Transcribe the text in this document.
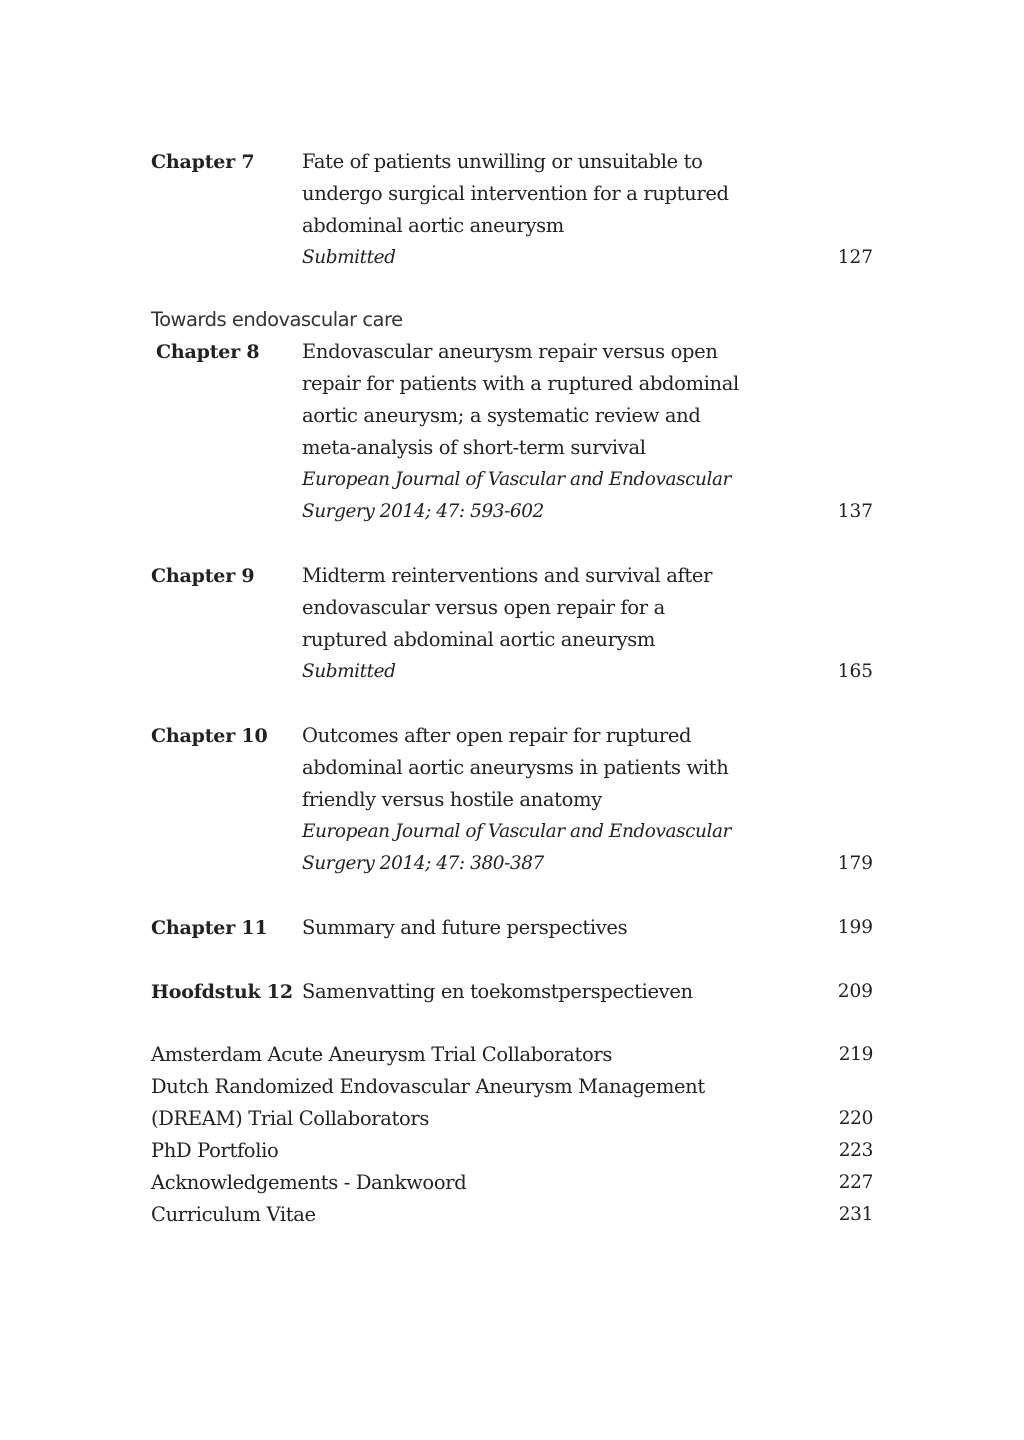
Chapter 7	Fate of patients unwilling or unsuitable to
undergo surgical intervention for a ruptured
abdominal aortic aneurysm
Submitted	127
Towards endovascular care
Chapter 8	Endovascular aneurysm repair versus open
repair for patients with a ruptured abdominal
aortic aneurysm; a systematic review and
meta-analysis of short-term survival
European Journal of Vascular and Endovascular
Surgery 2014; 47: 593-602	137
Chapter 9	Midterm reinterventions and survival after
endovascular versus open repair for a
ruptured abdominal aortic aneurysm
Submitted	165
Chapter 10	Outcomes after open repair for ruptured
abdominal aortic aneurysms in patients with
friendly versus hostile anatomy
European Journal of Vascular and Endovascular
Surgery 2014; 47: 380-387	179
Chapter 11	Summary and future perspectives	199
Hoofdstuk 12 Samenvatting en toekomstperspectieven	209
Amsterdam Acute Aneurysm Trial Collaborators	219
Dutch Randomized Endovascular Aneurysm Management
(DREAM) Trial Collaborators	220
PhD Portfolio	223
Acknowledgements - Dankwoord	227
Curriculum Vitae	231
